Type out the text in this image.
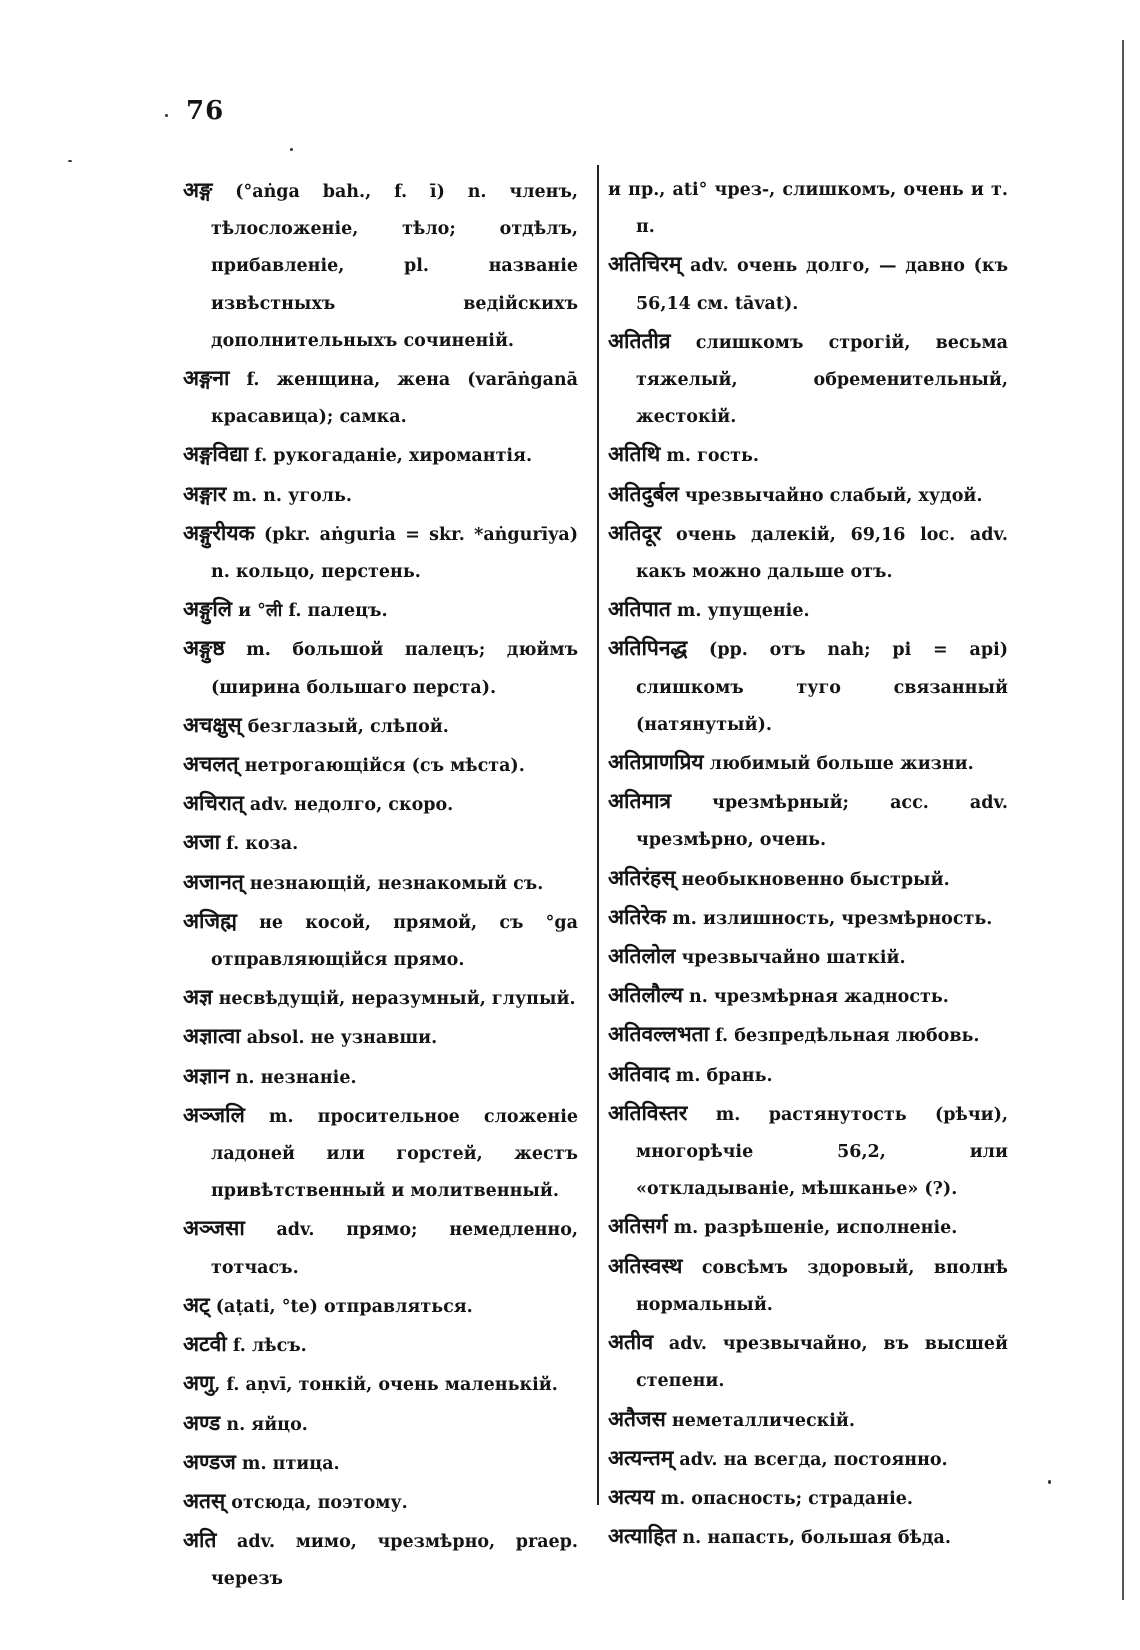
76
अङ्ग (°aṅga bah., f. ī) n. членъ, тѣлосложеніе, тѣло; отдѣлъ, прибавленіе, pl. названіе извѣстныхъ ведійскихъ дополнительныхъ сочиненій.
अङ्गना f. женщина, жена (varāṅganā красавица); самка.
अङ्गविद्या f. рукогаданіе, хиромантія.
अङ्गार m. n. уголь.
अङ्गुरीयक (pkr. aṅguria = skr. *aṅgurīya) n. кольцо, перстень.
अङ्गुलि и °ली f. палецъ.
अङ्गुष्ठ m. большой палецъ; дюймъ (ширина большаго перста).
अचक्षुस् безглазый, слѣпой.
अचलत् нетрогающійся (съ мѣста).
अचिरात् adv. недолго, скоро.
अजा f. коза.
अजानत् незнающій, незнакомый съ.
अजिह्म не косой, прямой, съ °ga отправляющійся прямо.
अज्ञ несвѣдущій, неразумный, глупый.
अज्ञात्वा absol. не узнавши.
अज्ञान n. незнаніе.
अञ्जलि m. просительное сложеніе ладоней или горстей, жестъ привѣтственный и молитвенный.
अञ्जसा adv. прямо; немедленно, тотчасъ.
अट् (aṭati, °te) отправляться.
अटवी f. лѣсъ.
अणु, f. aṇvī, тонкій, очень маленькій.
अण्ड n. яйцо.
अण्डज m. птица.
अतस् отсюда, поэтому.
अति adv. мимо, чрезмѣрно, praep. черезъ
и пр., ati° чрез-, слишкомъ, очень и т. п.
अतिचिरम् adv. очень долго, — давно (къ 56,14 см. tāvat).
अतितीव्र слишкомъ строгій, весьма тяжелый, обременительный, жестокій.
अतिथि m. гость.
अतिदुर्बल чрезвычайно слабый, худой.
अतिदूर очень далекій, 69,16 loc. adv. какъ можно дальше отъ.
अतिपात m. упущеніе.
अतिपिनद्ध (pp. отъ nah; pi = api) слишкомъ туго связанный (натянутый).
अतिप्राणप्रिय любимый больше жизни.
अतिमात्र чрезмѣрный; acc. adv. чрезмѣрно, очень.
अतिरंहस् необыкновенно быстрый.
अतिरेक m. излишность, чрезмѣрность.
अतिलोल чрезвычайно шаткій.
अतिलौल्य n. чрезмѣрная жадность.
अतिवल्लभता f. безпредѣльная любовь.
अतिवाद m. брань.
अतिविस्तर m. растянутость (рѣчи), многорѣчіе 56,2, или «откладываніе, мѣшканье» (?).
अतिसर्ग m. разрѣшеніе, исполненіе.
अतिस्वस्थ совсѣмъ здоровый, вполнѣ нормальный.
अतीव adv. чрезвычайно, въ высшей степени.
अतैजस неметаллическій.
अत्यन्तम् adv. на всегда, постоянно.
अत्यय m. опасность; страданіе.
अत्याहित n. напасть, большая бѣда.
